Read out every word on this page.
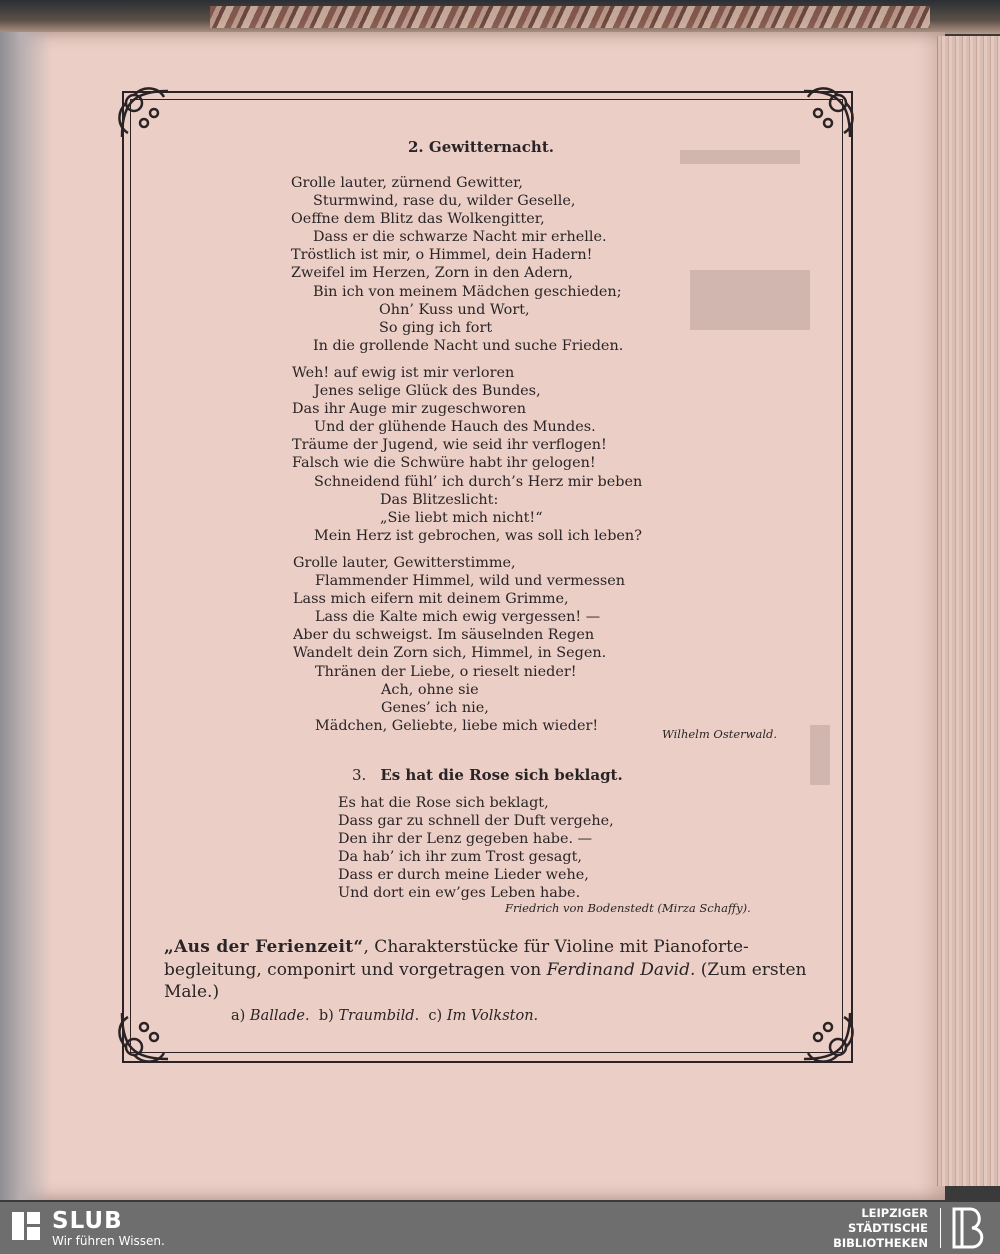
2. Gewitternacht.
Grolle lauter, zürnend Gewitter,
Sturmwind, rase du, wilder Geselle,
Oeffne dem Blitz das Wolkengitter,
Dass er die schwarze Nacht mir erhelle.
Tröstlich ist mir, o Himmel, dein Hadern!
Zweifel im Herzen, Zorn in den Adern,
Bin ich von meinem Mädchen geschieden;
Ohn’ Kuss und Wort,
So ging ich fort
In die grollende Nacht und suche Frieden.
Weh! auf ewig ist mir verloren
Jenes selige Glück des Bundes,
Das ihr Auge mir zugeschworen
Und der glühende Hauch des Mundes.
Träume der Jugend, wie seid ihr verflogen!
Falsch wie die Schwüre habt ihr gelogen!
Schneidend fühl’ ich durch’s Herz mir beben
Das Blitzeslicht:
„Sie liebt mich nicht!“
Mein Herz ist gebrochen, was soll ich leben?
Grolle lauter, Gewitterstimme,
Flammender Himmel, wild und vermessen
Lass mich eifern mit deinem Grimme,
Lass die Kalte mich ewig vergessen! —
Aber du schweigst. Im säuselnden Regen
Wandelt dein Zorn sich, Himmel, in Segen.
Thränen der Liebe, o rieselt nieder!
Ach, ohne sie
Genes’ ich nie,
Mädchen, Geliebte, liebe mich wieder!
Wilhelm Osterwald.
3. Es hat die Rose sich beklagt.
Es hat die Rose sich beklagt,
Dass gar zu schnell der Duft vergehe,
Den ihr der Lenz gegeben habe. —
Da hab’ ich ihr zum Trost gesagt,
Dass er durch meine Lieder wehe,
Und dort ein ew’ges Leben habe.
Friedrich von Bodenstedt (Mirza Schaffy).
„Aus der Ferienzeit“, Charakterstücke für Violine mit Pianoforte-begleitung, componirt und vorgetragen von Ferdinand David. (Zum ersten Male.)
a) Ballade. b) Traumbild. c) Im Volkston.
SLUB
Wir führen Wissen.
LEIPZIGER
STÄDTISCHE
BIBLIOTHEKEN
